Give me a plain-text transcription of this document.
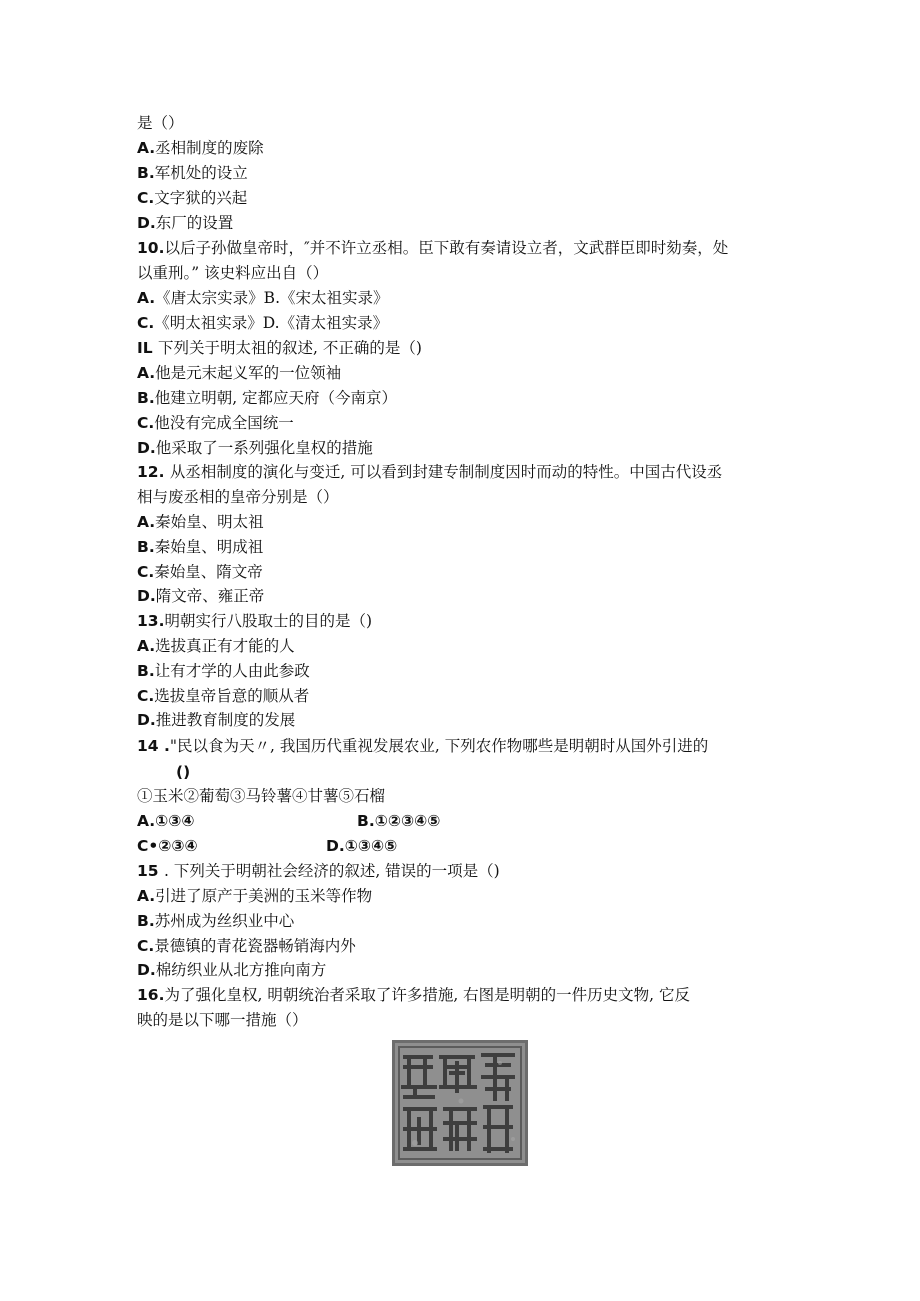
是（）
A.丞相制度的废除
B.军机处的设立
C.文字狱的兴起
D.东厂的设置
10.以后子孙做皇帝时，″并不许立丞相。臣下敢有奏请设立者，文武群臣即时劾奏，处
以重刑。” 该史料应出自（）
A.《唐太宗实录》B.《宋太祖实录》
C.《明太祖实录》D.《清太祖实录》
IL 下列关于明太祖的叙述, 不正确的是（)
A.他是元末起义军的一位领袖
B.他建立明朝, 定都应天府（今南京）
C.他没有完成全国统一
D.他采取了一系列强化皇权的措施
12. 从丞相制度的演化与变迁, 可以看到封建专制制度因时而动的特性。中国古代设丞
相与废丞相的皇帝分别是（）
A.秦始皇、明太祖
B.秦始皇、明成祖
C.秦始皇、隋文帝
D.隋文帝、雍正帝
13.明朝实行八股取士的目的是（)
A.选拔真正有才能的人
B.让有才学的人由此参政
C.选拔皇帝旨意的顺从者
D.推进教育制度的发展
14 ."民以食为天〃, 我国历代重视发展农业, 下列农作物哪些是明朝时从国外引进的
()
①玉米②葡萄③马铃薯④甘薯⑤石榴
15 . 下列关于明朝社会经济的叙述, 错误的一项是（)
A.引进了原产于美洲的玉米等作物
B.苏州成为丝织业中心
C.景德镇的青花瓷器畅销海内外
D.棉纺织业从北方推向南方
16.为了强化皇权, 明朝统治者采取了许多措施, 右图是明朝的一件历史文物, 它反
映的是以下哪一措施（）
A.①③④	B.①②③④⑤
C•②③④	D.①③④⑤
